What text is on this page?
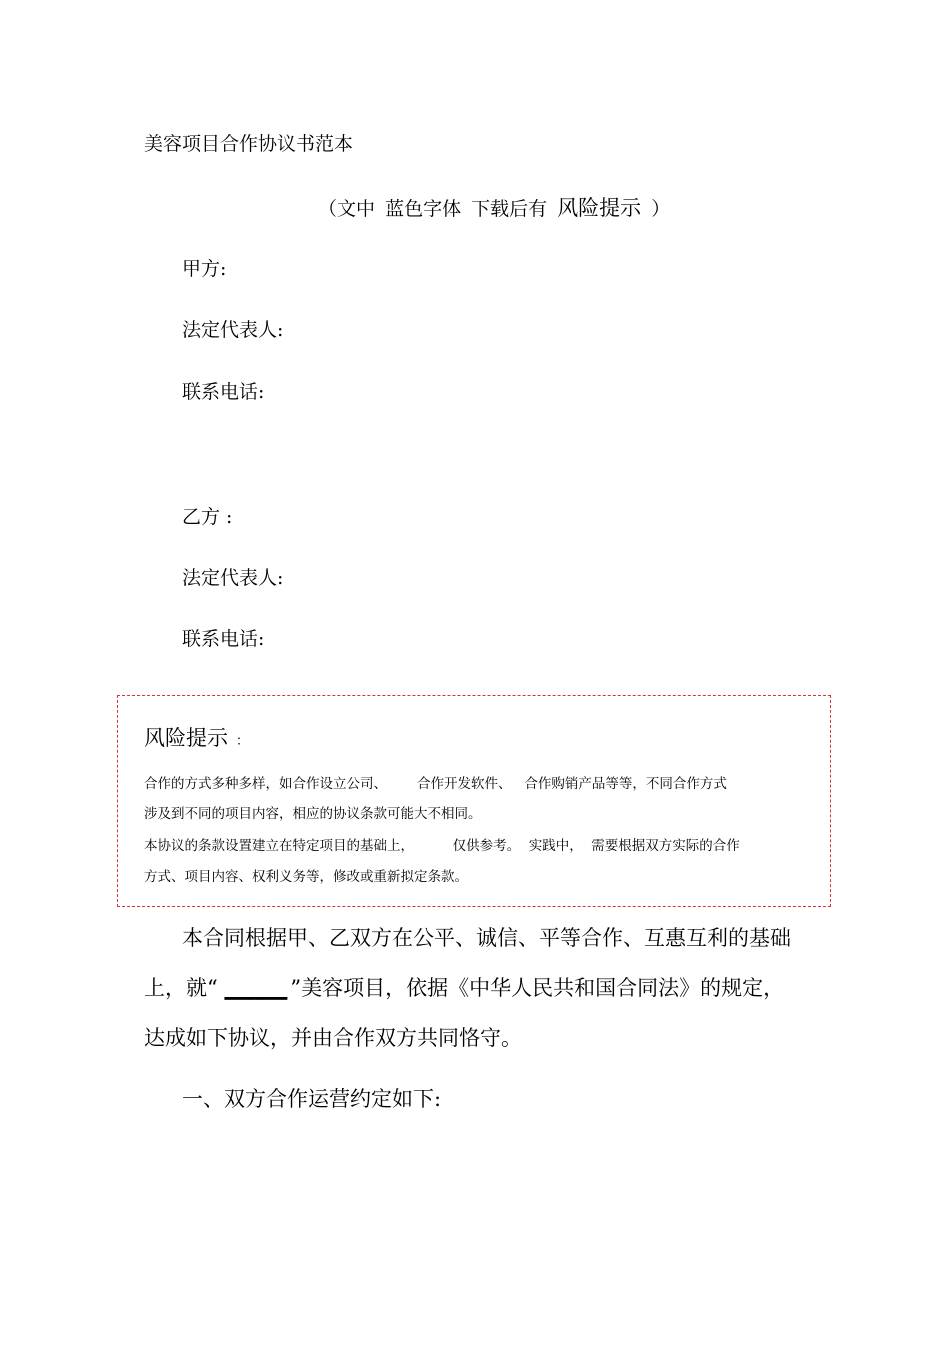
美容项目合作协议书范本
（文中 蓝色字体 下载后有 风险提示 ）
甲方:
法定代表人:
联系电话:
乙方 :
法定代表人:
联系电话:
风险提示 ：
合作的方式多种多样，如合作设立公司、       合作开发软件、   合作购销产品等等，不同合作方式
涉及到不同的项目内容，相应的协议条款可能大不相同。
本协议的条款设置建立在特定项目的基础上，         仅供参考。  实践中，  需要根据双方实际的合作
方式、项目内容、权利义务等，修改或重新拟定条款。
本合同根据甲、乙双方在公平、诚信、平等合作、互惠互利的基础
上，就“ ______ ”美容项目，依据《中华人民共和国合同法》的规定，
达成如下协议，并由合作双方共同恪守。
一、双方合作运营约定如下:
